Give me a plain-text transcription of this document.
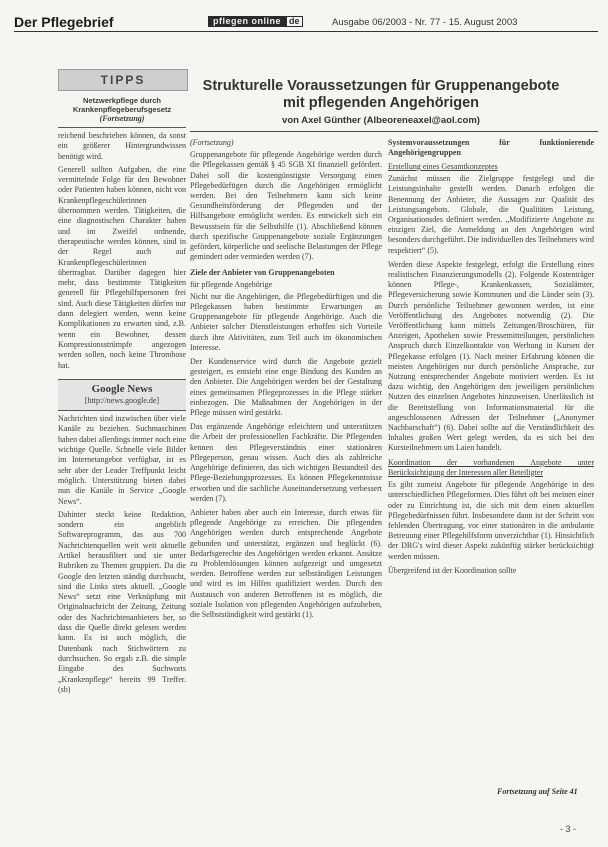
Der Pflegebrief	pflegen online de	Ausgabe 06/2003 - Nr. 77 - 15. August 2003
TIPPS
Netzwerkpflege durch
Krankenpflegeberufsgesetz
(Fortsetzung)

reichend beschrieben können, da sonst ein größerer Hintergrundwissen benötigt wird.

Generell sollten Aufgaben, die eine vermittelnde Folge für den Bewohner oder Patienten haben können, nicht von Krankenpflegeschülerinnen übernommen werden. Tätigkeiten, die eine diagnostischen Charakter haben und im Zweifel ordnende, therapeutische werden können, sind in der Regel auch auf Krankenpflegeschülerinnen übertragbar. Darüber dagegen hier mehr, dass bestimmte Tätigkeiten generell für Pflegehilfspersonen frei sind. Auch diese Tätigkeiten dürfen nur dann delegiert werden, wenn keine Komplikationen zu erwarten sind, z.B. wenn ein Bewohner, dessen Kompressionsstrümpfe angezogen werden sollen, noch keine Thrombose hat.

Google News
[http://news.google.de]

Nachrichten sind inzwischen über viele Kanäle zu beziehen. Suchmaschinen haben dabei allerdings immer noch eine wichtige Quelle. Schnelle viele Bilder im Internetangebot verfügbar, ist es sehr aber der Leader Treffpunkt leicht möglich. Unterstützung bieten dabei nun die Kanäle in Service „Google News“.

Dahinter steckt keine Redaktion, sondern ein angeblich Softwareprogramm, das aus 700 Nachrichtenquellen weit weit aktuelle Artikel herausfiltert und sie unter Rubriken zu Themen gruppiert. Da die Google den letzten ständig durchsucht, sind die Links stets aktuell. „Google News“ setzt eine Verknüpfung mit Originalnachricht der Zeitung, Zeitung oder des Nachrichtenanbieters her, so dass die Quelle direkt gelesen werden kann. Es ist auch möglich, die Datenbank nach Stichwörtern zu durchsuchen. So ergab z.B. die simple Eingabe des Suchworts „Krankenpflege“ bereits 99 Treffer. (sb)

Strukturelle Voraussetzungen für Gruppenangebote
mit pflegenden Angehörigen
von Axel Günther (Albeoreneaxel@aol.com)
(Fortsetzung)

Gruppenangebote für pflegende Angehörige werden durch die Pflegekassen gemäß § 45 SGB XI finanziell gefördert. Dabei soll die kostengünstigste Versorgung einen Pflegebedürftigen durch die Angehörigen ermöglicht werden. Bei den Teilnehmern kann sich keine Gesundheitsförderung der Pflegenden und der Hilfsangebote ermöglicht werden. Es entwickelt sich ein Bewusstsein für die Selbsthilfe (1). Abschließend können durch spezifische Gruppenangebote soziale Ergänzungen gefördert, körperliche und seelische Belastungen der Pflege gemindert oder vermieden werden (7).

Ziele der Anbieter von Gruppenangeboten
für pflegende Angehörige

Nicht nur die Angehörigen, die Pflegebedürftigen und die Pflegekassen haben bestimmte Erwartungen an Gruppenangebote für pflegende Angehörige. Auch die Anbieter solcher Dienstleistungen erhoffen sich Vorteile durch ihre Aktivitäten, zum Teil auch im ökonomischen Interesse.

Der Kundenservice wird durch die Angebote gezielt gesteigert, es entsteht eine enge Bindung des Kunden an den Anbieter. Die Angehörigen werden bei der Gestaltung eines gemeinsamen Pflegeprozesses in die Pflege stärker einbezogen. Die Maßnahmen der Angehörigen in der Pflege müssen wird gestärkt.

Das ergänzende Angehörige erleichtern und unterstützen die Arbeit der professionellen Fachkräfte. Die Pflegenden kennen den Pflegeverständnis einer stationären Pflegeperson, genau wissen. Auch dies als zahlreiche Angehörige definieren, das sich wichtigen Bestandteil des Pflege-Beziehungsprozesses. Es können Pflegekenntnisse erworben und die sachliche Auseinandersetzung verbessert werden (7).

Anbieter haben aber auch ein Interesse, durch etwas für pflegende Angehörige zu erreichen. Die pflegenden Angehörigen werden durch entsprechende Angebote gebunden und unterstützt, ergänzen und beglückt (6). Bedarfsgerechte des Angehörigen werden erkannt. Ansätze zu Problemlösungen können aufgezeigt und umgesetzt werden. Betroffene werden zur selbständigen Leistungen und wird es im Hilfen qualifiziert werden. Durch den Austausch von anderen Betroffenen ist es möglich, die soziale Isolation von pflegenden Angehörigen aufzuheben, die Selbstständigkeit wird gestärkt (1).

Systemvoraussetzungen für funktionierende Angehörigengruppen
Erstellung eines Gesamtkonzeptes

Zunächst müssen die Zielgruppe festgelegt und die Leistungsinhalte gestellt werden. Danach erfolgen die Benennung der Anbieter, die Aussagen zur Qualität des Leistungsangebots. Globale, die Qualitäten Leistung, Organisationsdes definiert werden. „Modifizierte Angebote zu einzigen Ziel, die Anmeldung an den Angehörigen wird besonders durchgeführt. Die individuellen des Teilnehmers wird respektiert“ (5).

Werden diese Aspekte festgelegt, erfolgt die Erstellung eines realistischen Finanzierungsmodells (2). Folgende Kostenträger können Pflege-, Krankenkassen, Sozialämter, Pflegeversicherung sowie Kommunen und die Länder sein (3). Durch persönliche Teilnehmer gewonnen werden, ist eine Veröffentlichung des Angebotes notwendig (2). Die Veröffentlichung kann mittels Zeitungen/Broschüren, für Anzeigen, Apotheken sowie Pressemitteilungen, persönlichen Anspruch durch Einzelkontakte von Werbung in Kursen der Pflegekasse erfolgen (1). Nach meiner Erfahrung können die meisten Angehörigen nur durch persönliche Ansprache, zur Nutzung entsprechender Angebote motiviert werden. Es ist dazu wichtig, den Angehörigen den jeweiligen persönlichen Nutzen des einzelnen Angebotes hinzuweisen. Unerlässlich ist die Bereitstellung von Informationsmaterial für die angeschlossenen Adressen der Teilnehmer („Anonymer Nachbarschaft“) (6). Dabei sollte auf die Verständlichkeit des Inhaltes großen Wert gelegt werden, da es sich bei den Kursteilnehmern um Laien handelt.

Koordination der vorhandenen Angebote unter Berücksichtigung der Interessen aller Beteiligter

Es gibt zumeist Angebote für pflegende Angehörige in den unterschiedlichen Pflegeformen. Dies führt oft bei meinen einer oder zu Einrichtung ist, die sich mit dem einen aktuellen Pflegebedürfnissen führt. Insbesondere dann ist der Schritt von fehlenden Übertragung, vor einer stationären in die ambulante Betreuung einer Pflegehilfsform unverzichtbar (1). Hinsichtlich der DRG's wird dieser Aspekt zukünftig stärker berücksichtigt werden müssen.

Übergreifend ist der Koordination sollte

Fortsetzung auf Seite 41
- 3 -
